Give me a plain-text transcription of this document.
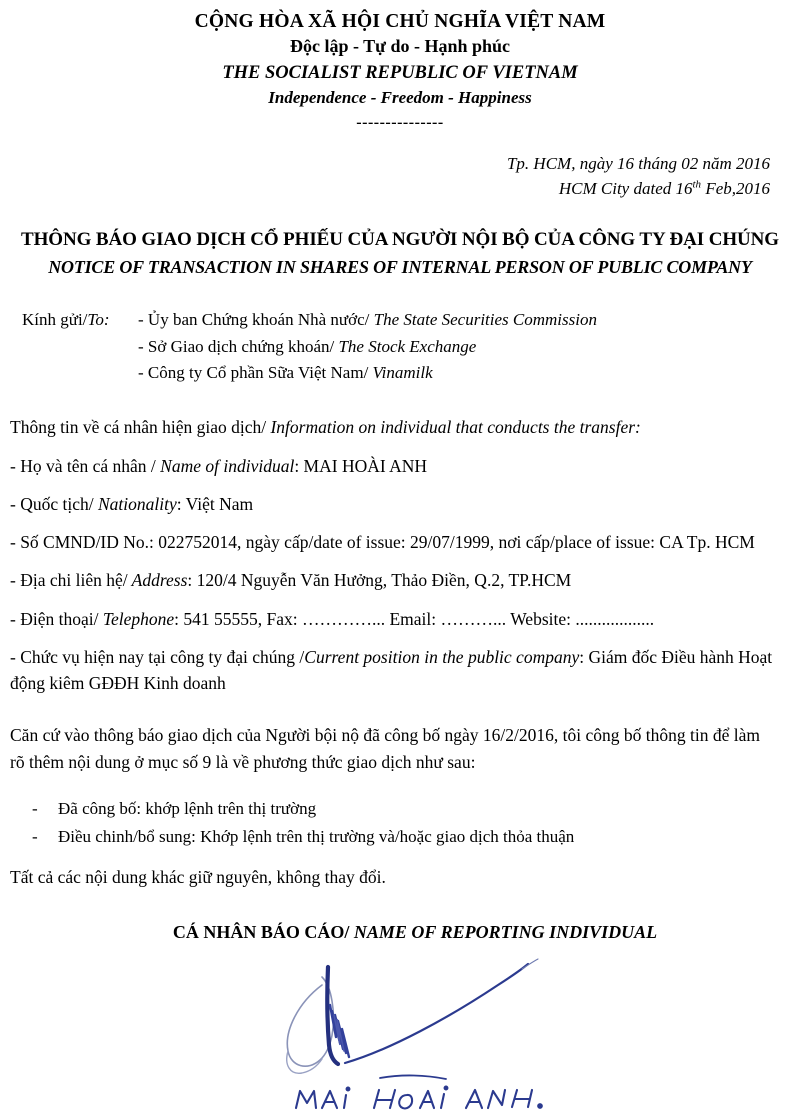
CỘNG HÒA XÃ HỘI CHỦ NGHĨA VIỆT NAM
Độc lập - Tự do - Hạnh phúc
THE SOCIALIST REPUBLIC OF VIETNAM
Independence - Freedom - Happiness
---------------
Tp. HCM, ngày 16 tháng 02 năm 2016
HCM City dated 16th Feb,2016
THÔNG BÁO GIAO DỊCH CỔ PHIẾU CỦA NGƯỜI NỘI BỘ CỦA CÔNG TY ĐẠI CHÚNG
NOTICE OF TRANSACTION IN SHARES OF INTERNAL PERSON OF PUBLIC COMPANY
Kính gửi/To:	- Ủy ban Chứng khoán Nhà nước/ The State Securities Commission
- Sở Giao dịch chứng khoán/ The Stock Exchange
- Công ty Cổ phần Sữa Việt Nam/ Vinamilk
Thông tin về cá nhân hiện giao dịch/ Information on individual that conducts the transfer:
- Họ và tên cá nhân / Name of individual: MAI HOÀI ANH
- Quốc tịch/ Nationality: Việt Nam
- Số CMND/ID No.: 022752014, ngày cấp/date of issue: 29/07/1999, nơi cấp/place of issue: CA Tp. HCM
- Địa chi liên hệ/ Address: 120/4 Nguyễn Văn Hưởng, Thảo Điền, Q.2, TP.HCM
- Điện thoại/ Telephone: 541 55555, Fax: …………... Email: ………... Website: ..................
- Chức vụ hiện nay tại công ty đại chúng /Current position in the public company: Giám đốc Điều hành Hoạt động kiêm GĐĐH Kinh doanh
Căn cứ vào thông báo giao dịch của Người bội nộ đã công bố ngày 16/2/2016, tôi công bố thông tin để làm rõ thêm nội dung ở mục số 9 là về phương thức giao dịch như sau:
-	Đã công bố: khớp lệnh trên thị trường
-	Điều chinh/bổ sung: Khớp lệnh trên thị trường và/hoặc giao dịch thỏa thuận
Tất cả các nội dung khác giữ nguyên, không thay đổi.
CÁ NHÂN BÁO CÁO/ NAME OF REPORTING INDIVIDUAL
